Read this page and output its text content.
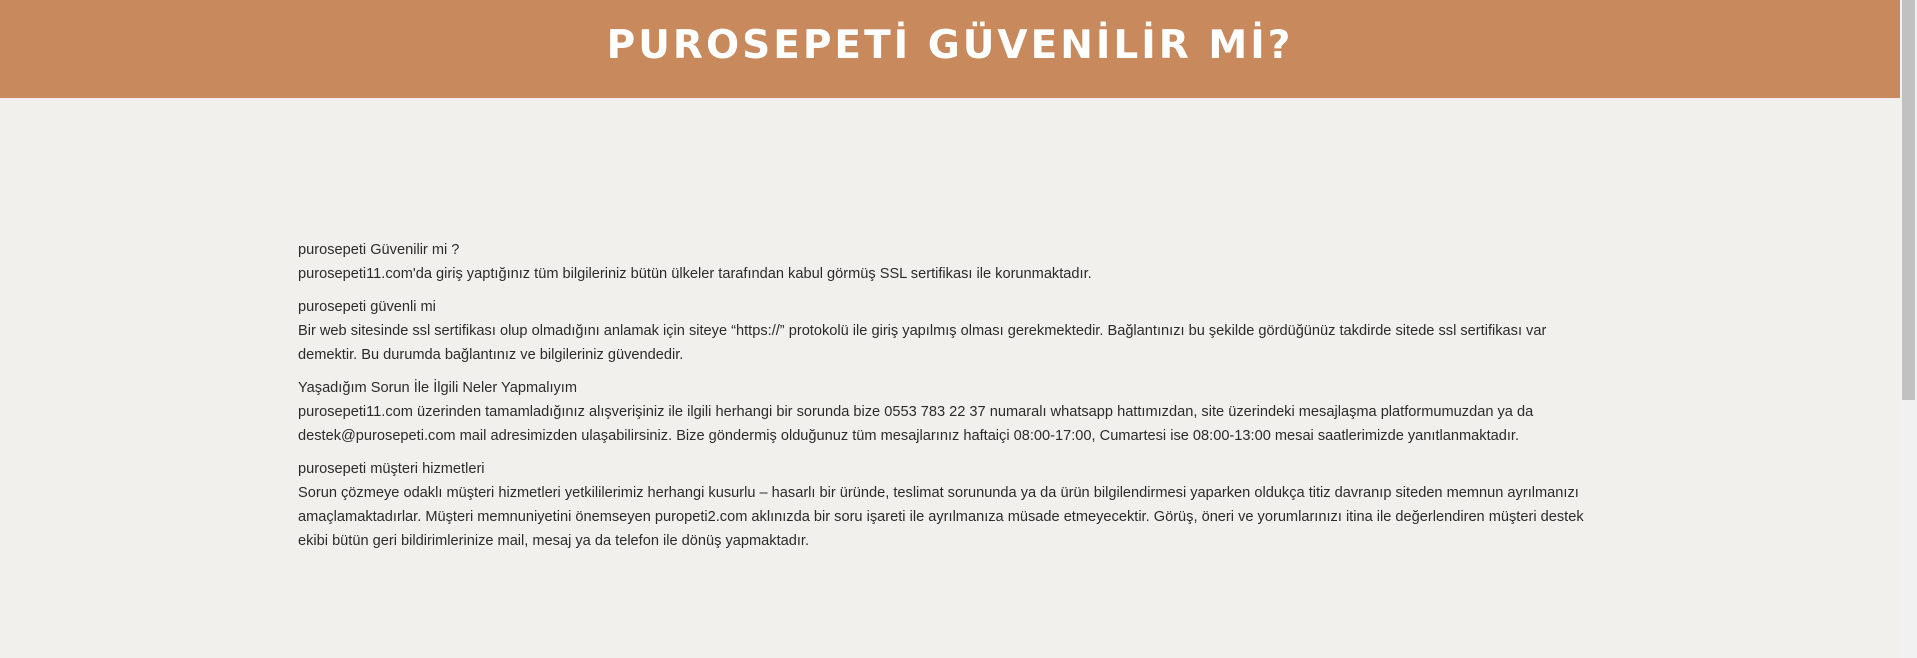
PUROSEPETİ GÜVENİLİR Mİ?

purosepeti Güvenilir mi ?

purosepeti11.com'da giriş yaptığınız tüm bilgileriniz bütün ülkeler tarafından kabul görmüş SSL sertifikası ile korunmaktadır.

purosepeti güvenli mi

Bir web sitesinde ssl sertifikası olup olmadığını anlamak için siteye “https://” protokolü ile giriş yapılmış olması gerekmektedir. Bağlantınızı bu şekilde gördüğünüz takdirde sitede ssl sertifikası var demektir. Bu durumda bağlantınız ve bilgileriniz güvendedir.

Yaşadığım Sorun İle İlgili Neler Yapmalıyım

purosepeti11.com üzerinden tamamladığınız alışverişiniz ile ilgili herhangi bir sorunda bize 0553 783 22 37 numaralı whatsapp hattımızdan, site üzerindeki mesajlaşma platformumuzdan ya da destek@purosepeti.com mail adresimizden ulaşabilirsiniz. Bize göndermiş olduğunuz tüm mesajlarınız haftaiçi 08:00-17:00, Cumartesi ise 08:00-13:00 mesai saatlerimizde yanıtlanmaktadır.

purosepeti müşteri hizmetleri

Sorun çözmeye odaklı müşteri hizmetleri yetkililerimiz herhangi kusurlu – hasarlı bir üründe, teslimat sorununda ya da ürün bilgilendirmesi yaparken oldukça titiz davranıp siteden memnun ayrılmanızı amaçlamaktadırlar. Müşteri memnuniyetini önemseyen puropeti2.com aklınızda bir soru işareti ile ayrılmanıza müsade etmeyecektir. Görüş, öneri ve yorumlarınızı itina ile değerlendiren müşteri destek ekibi bütün geri bildirimlerinize mail, mesaj ya da telefon ile dönüş yapmaktadır.
